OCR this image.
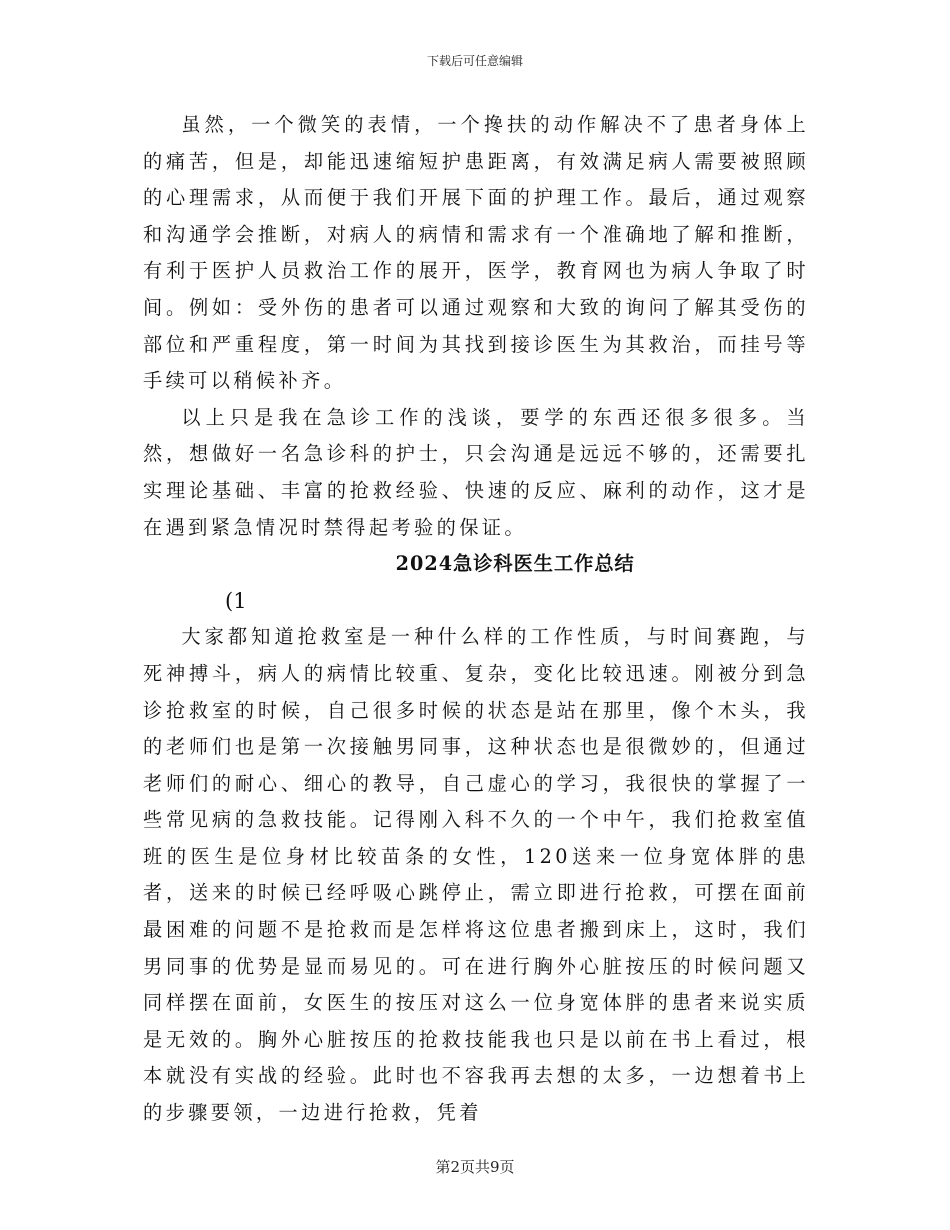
下载后可任意编辑

虽然，一个微笑的表情，一个搀扶的动作解决不了患者身体上的痛苦，但是，却能迅速缩短护患距离，有效满足病人需要被照顾的心理需求，从而便于我们开展下面的护理工作。最后，通过观察和沟通学会推断，对病人的病情和需求有一个准确地了解和推断，有利于医护人员救治工作的展开，医学，教育网也为病人争取了时间。例如：受外伤的患者可以通过观察和大致的询问了解其受伤的部位和严重程度，第一时间为其找到接诊医生为其救治，而挂号等手续可以稍候补齐。

以上只是我在急诊工作的浅谈，要学的东西还很多很多。当然，想做好一名急诊科的护士，只会沟通是远远不够的，还需要扎实理论基础、丰富的抢救经验、快速的反应、麻利的动作，这才是在遇到紧急情况时禁得起考验的保证。

2024急诊科医生工作总结

(1

大家都知道抢救室是一种什么样的工作性质，与时间赛跑，与死神搏斗，病人的病情比较重、复杂，变化比较迅速。刚被分到急诊抢救室的时候，自己很多时候的状态是站在那里，像个木头，我的老师们也是第一次接触男同事，这种状态也是很微妙的，但通过老师们的耐心、细心的教导，自己虚心的学习，我很快的掌握了一些常见病的急救技能。记得刚入科不久的一个中午，我们抢救室值班的医生是位身材比较苗条的女性，120送来一位身宽体胖的患者，送来的时候已经呼吸心跳停止，需立即进行抢救，可摆在面前最困难的问题不是抢救而是怎样将这位患者搬到床上，这时，我们男同事的优势是显而易见的。可在进行胸外心脏按压的时候问题又同样摆在面前，女医生的按压对这么一位身宽体胖的患者来说实质是无效的。胸外心脏按压的抢救技能我也只是以前在书上看过，根本就没有实战的经验。此时也不容我再去想的太多，一边想着书上的步骤要领，一边进行抢救，凭着

第2页共9页
